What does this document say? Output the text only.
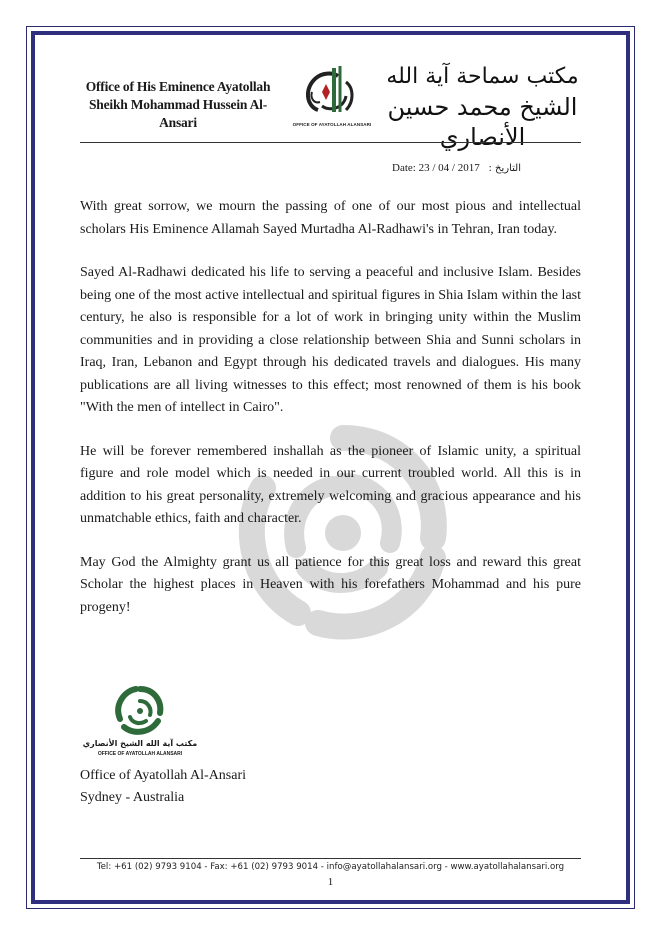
Office of His Eminence Ayatollah
Sheikh Mohammad Hussein Al-Ansari	OFFICE OF AYATOLLAH ALANSARI
مكتب سماحة آية الله
الشيخ محمد حسين الأنصاري
Date: 23 / 04 / 2017 : التاريخ

With great sorrow, we mourn the passing of one of our most pious and intellectual scholars His Eminence Allamah Sayed Murtadha Al-Radhawi's in Tehran, Iran today.

Sayed Al-Radhawi dedicated his life to serving a peaceful and inclusive Islam. Besides being one of the most active intellectual and spiritual figures in Shia Islam within the last century, he also is responsible for a lot of work in bringing unity within the Muslim communities and in providing a close relationship between Shia and Sunni scholars in Iraq, Iran, Lebanon and Egypt through his dedicated travels and dialogues. His many publications are all living witnesses to this effect; most renowned of them is his book "With the men of intellect in Cairo".

He will be forever remembered inshallah as the pioneer of Islamic unity, a spiritual figure and role model which is needed in our current troubled world. All this is in addition to his great personality, extremely welcoming and gracious appearance and his unmatchable ethics, faith and character.

May God the Almighty grant us all patience for this great loss and reward this great Scholar the highest places in Heaven with his forefathers Mohammad and his pure progeny!

مكتب آية الله الشيخ الأنصاري
OFFICE OF AYATOLLAH ALANSARI
Office of Ayatollah Al-Ansari
Sydney - Australia
Tel: +61 (02) 9793 9104 - Fax: +61 (02) 9793 9014 - info@ayatollahalansari.org - www.ayatollahalansari.org
1
